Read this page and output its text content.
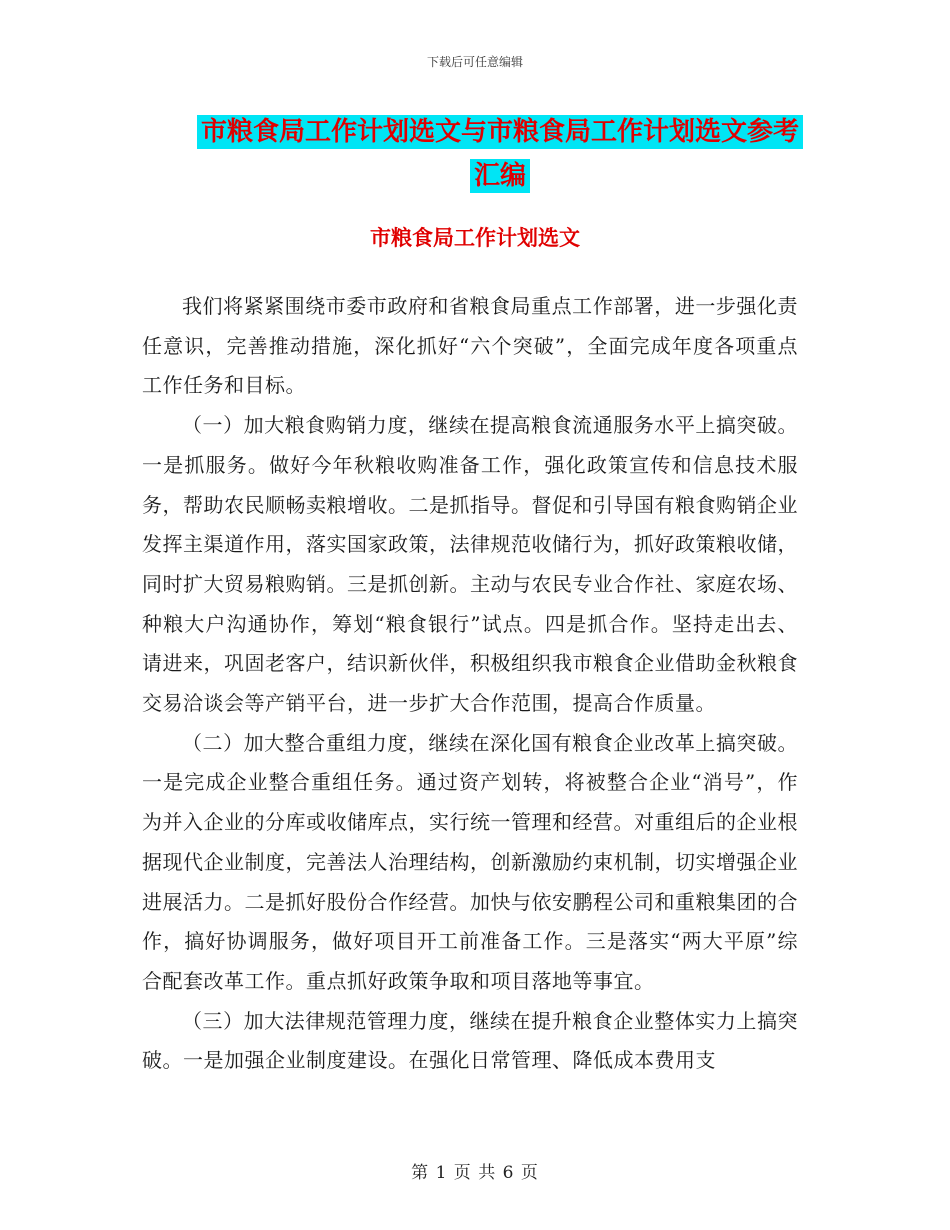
下载后可任意编辑
市粮食局工作计划选文与市粮食局工作计划选文参考
汇编
市粮食局工作计划选文

我们将紧紧围绕市委市政府和省粮食局重点工作部署，进一步强化责任意识，完善推动措施，深化抓好“六个突破”，全面完成年度各项重点工作任务和目标。

（一）加大粮食购销力度，继续在提高粮食流通服务水平上搞突破。一是抓服务。做好今年秋粮收购准备工作，强化政策宣传和信息技术服务，帮助农民顺畅卖粮增收。二是抓指导。督促和引导国有粮食购销企业发挥主渠道作用，落实国家政策，法律规范收储行为，抓好政策粮收储，同时扩大贸易粮购销。三是抓创新。主动与农民专业合作社、家庭农场、种粮大户沟通协作，筹划“粮食银行”试点。四是抓合作。坚持走出去、请进来，巩固老客户，结识新伙伴，积极组织我市粮食企业借助金秋粮食交易洽谈会等产销平台，进一步扩大合作范围，提高合作质量。

（二）加大整合重组力度，继续在深化国有粮食企业改革上搞突破。一是完成企业整合重组任务。通过资产划转，将被整合企业“消号”，作为并入企业的分库或收储库点，实行统一管理和经营。对重组后的企业根据现代企业制度，完善法人治理结构，创新激励约束机制，切实增强企业进展活力。二是抓好股份合作经营。加快与依安鹏程公司和重粮集团的合作，搞好协调服务，做好项目开工前准备工作。三是落实“两大平原”综合配套改革工作。重点抓好政策争取和项目落地等事宜。

（三）加大法律规范管理力度，继续在提升粮食企业整体实力上搞突破。一是加强企业制度建设。在强化日常管理、降低成本费用支

第 1 页 共 6 页
